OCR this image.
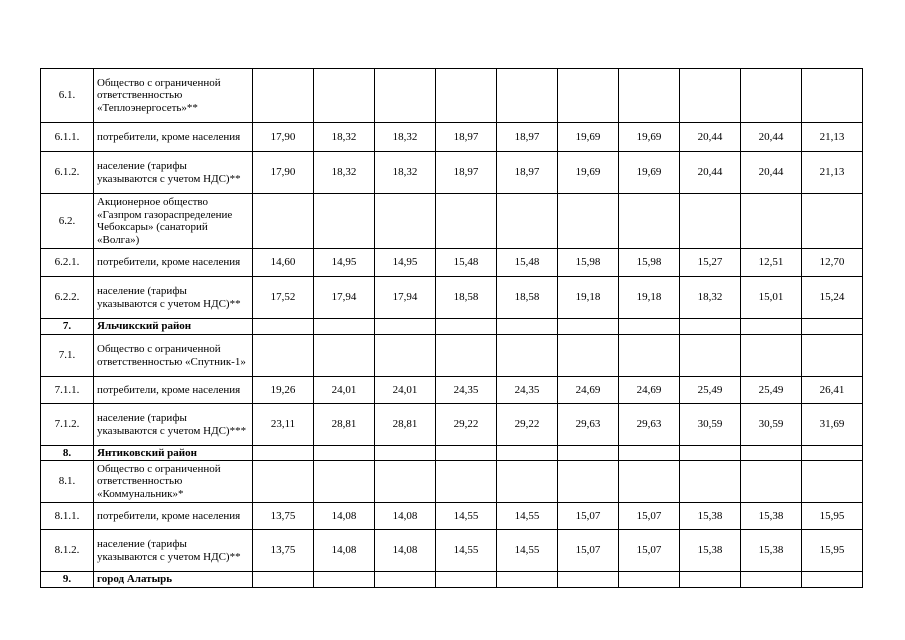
6.1.	Общество с ограниченной ответственностью «Теплоэнергосеть»**										
6.1.1.	потребители, кроме населения	17,90	18,32	18,32	18,97	18,97	19,69	19,69	20,44	20,44	21,13
6.1.2.	население (тарифы указываются с учетом НДС)**	17,90	18,32	18,32	18,97	18,97	19,69	19,69	20,44	20,44	21,13
6.2.	Акционерное общество «Газпром газораспределение Чебоксары» (санаторий «Волга»)										
6.2.1.	потребители, кроме населения	14,60	14,95	14,95	15,48	15,48	15,98	15,98	15,27	12,51	12,70
6.2.2.	население (тарифы указываются с учетом НДС)**	17,52	17,94	17,94	18,58	18,58	19,18	19,18	18,32	15,01	15,24
7.	Яльчикский район										
7.1.	Общество с ограниченной ответственностью «Спутник-1»										
7.1.1.	потребители, кроме населения	19,26	24,01	24,01	24,35	24,35	24,69	24,69	25,49	25,49	26,41
7.1.2.	население (тарифы указываются с учетом НДС)***	23,11	28,81	28,81	29,22	29,22	29,63	29,63	30,59	30,59	31,69
8.	Янтиковский район										
8.1.	Общество с ограниченной ответственностью «Коммунальник»*										
8.1.1.	потребители, кроме населения	13,75	14,08	14,08	14,55	14,55	15,07	15,07	15,38	15,38	15,95
8.1.2.	население (тарифы указываются с учетом НДС)**	13,75	14,08	14,08	14,55	14,55	15,07	15,07	15,38	15,38	15,95
9.	город Алатырь										
